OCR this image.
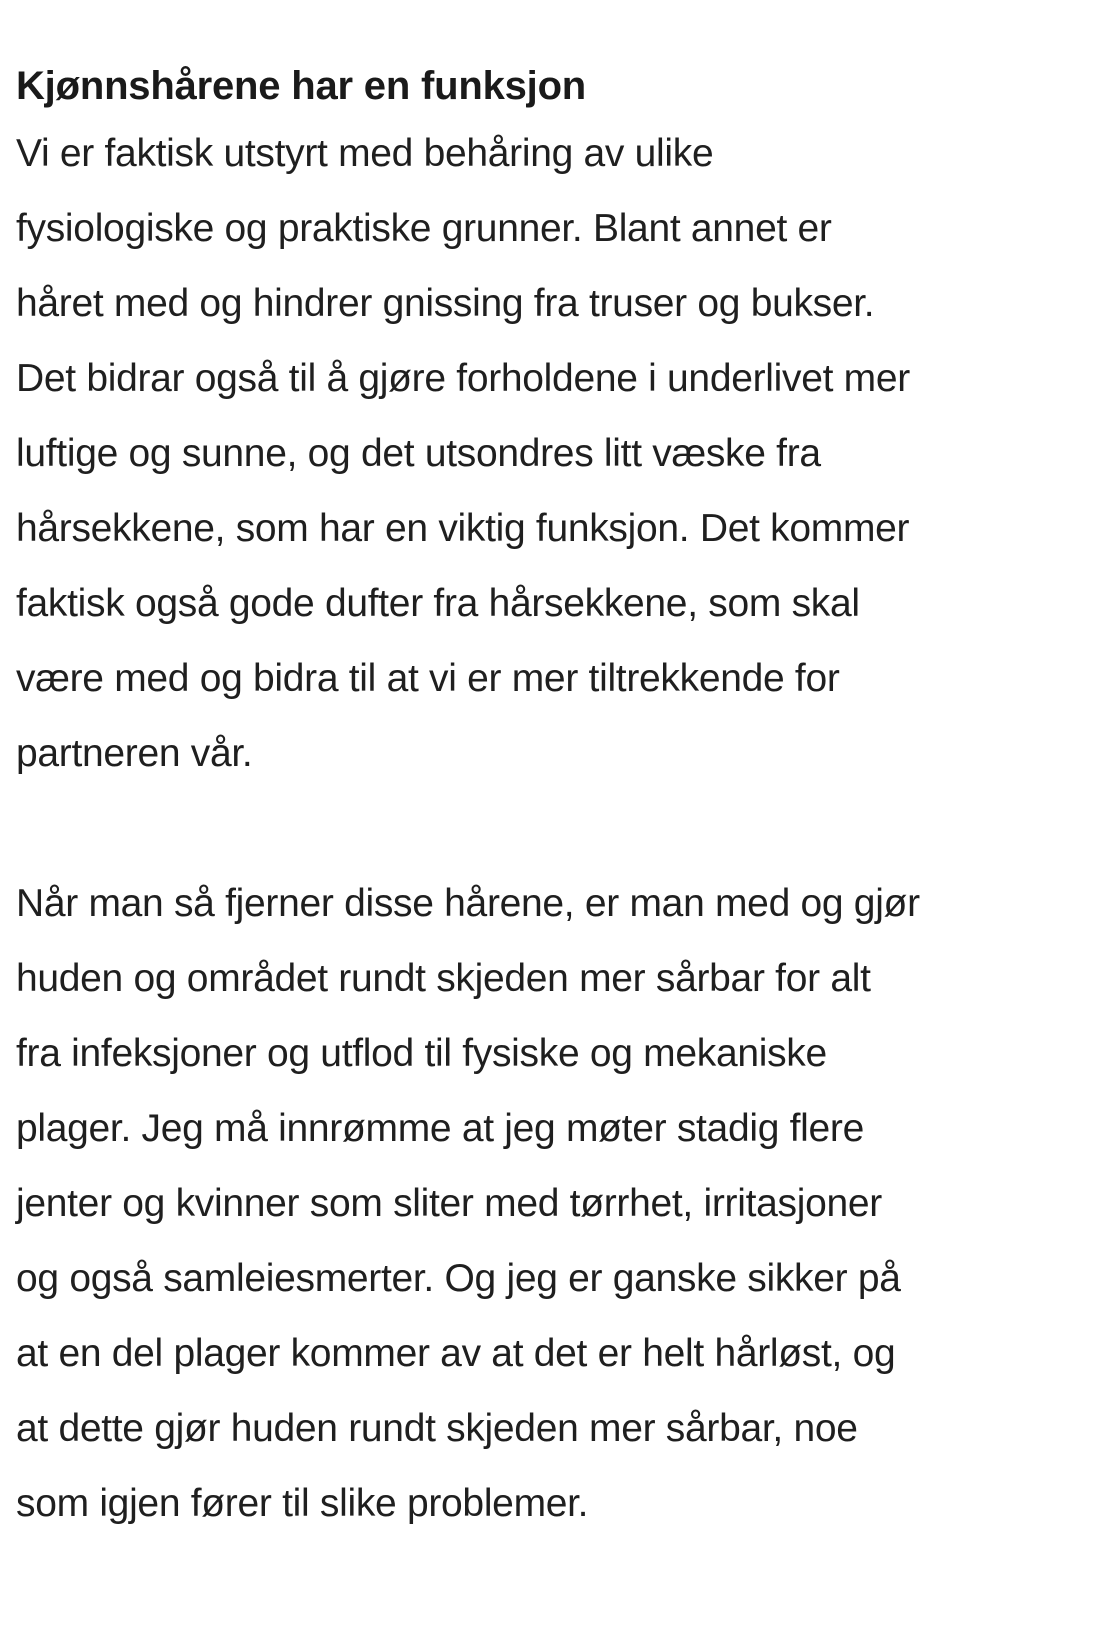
Kjønnshårene har en funksjon

Vi er faktisk utstyrt med behåring av ulike
fysiologiske og praktiske grunner. Blant annet er
håret med og hindrer gnissing fra truser og bukser.
Det bidrar også til å gjøre forholdene i underlivet mer
luftige og sunne, og det utsondres litt væske fra
hårsekkene, som har en viktig funksjon. Det kommer
faktisk også gode dufter fra hårsekkene, som skal
være med og bidra til at vi er mer tiltrekkende for
partneren vår.

Når man så fjerner disse hårene, er man med og gjør
huden og området rundt skjeden mer sårbar for alt
fra infeksjoner og utflod til fysiske og mekaniske
plager. Jeg må innrømme at jeg møter stadig flere
jenter og kvinner som sliter med tørrhet, irritasjoner
og også samleiesmerter. Og jeg er ganske sikker på
at en del plager kommer av at det er helt hårløst, og
at dette gjør huden rundt skjeden mer sårbar, noe
som igjen fører til slike problemer.
